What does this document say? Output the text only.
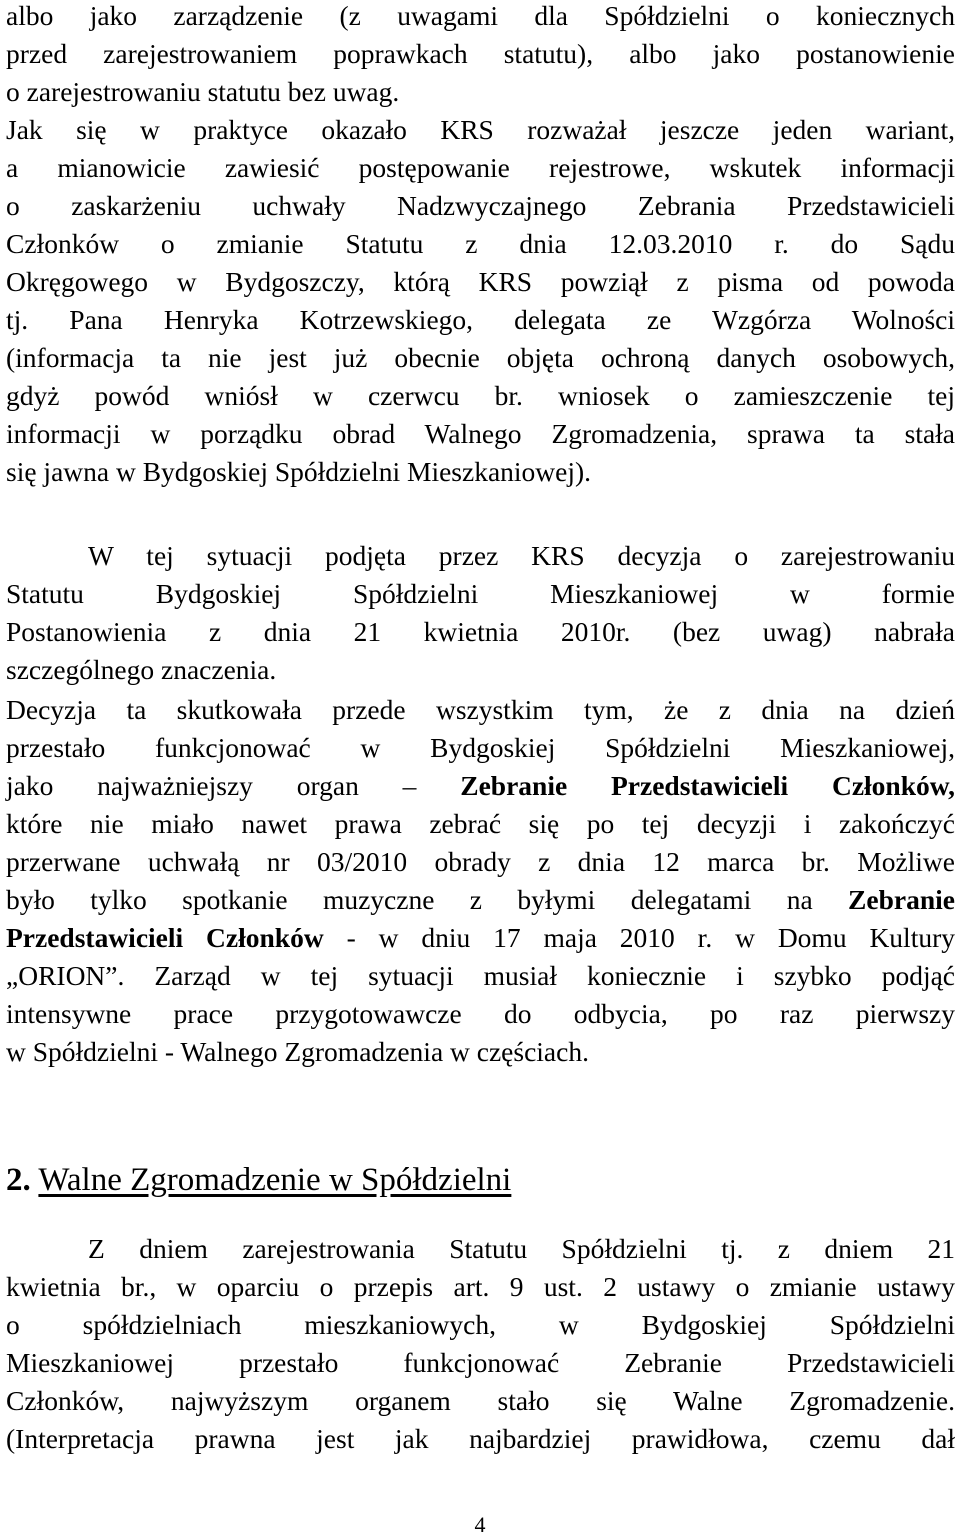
albo jako zarządzenie (z uwagami dla Spółdzielni o koniecznych
przed zarejestrowaniem poprawkach statutu), albo jako postanowienie
o zarejestrowaniu statutu bez uwag.
Jak się w praktyce okazało KRS rozważał jeszcze jeden wariant,
a mianowicie zawiesić postępowanie rejestrowe, wskutek informacji
o zaskarżeniu uchwały Nadzwyczajnego Zebrania Przedstawicieli
Członków o zmianie Statutu z dnia 12.03.2010 r. do Sądu
Okręgowego w Bydgoszczy, którą KRS powziął z pisma od powoda
tj. Pana Henryka Kotrzewskiego, delegata ze Wzgórza Wolności
(informacja ta nie jest już obecnie objęta ochroną danych osobowych,
gdyż powód wniósł w czerwcu br. wniosek o zamieszczenie tej
informacji w porządku obrad Walnego Zgromadzenia, sprawa ta stała
się jawna w Bydgoskiej Spółdzielni Mieszkaniowej).
W tej sytuacji podjęta przez KRS decyzja o zarejestrowaniu
Statutu Bydgoskiej Spółdzielni Mieszkaniowej w formie
Postanowienia z dnia 21 kwietnia 2010r. (bez uwag) nabrała
szczególnego znaczenia.
Decyzja ta skutkowała przede wszystkim tym, że z dnia na dzień
przestało funkcjonować w Bydgoskiej Spółdzielni Mieszkaniowej,
jako najważniejszy organ – Zebranie Przedstawicieli Członków,
które nie miało nawet prawa zebrać się po tej decyzji i zakończyć
przerwane uchwałą nr 03/2010 obrady z dnia 12 marca br. Możliwe
było tylko spotkanie muzyczne z byłymi delegatami na Zebranie
Przedstawicieli Członków - w dniu 17 maja 2010 r. w Domu Kultury
„ORION”. Zarząd w tej sytuacji musiał koniecznie i szybko podjąć
intensywne prace przygotowawcze do odbycia, po raz pierwszy
w Spółdzielni - Walnego Zgromadzenia w częściach.
2. Walne Zgromadzenie w Spółdzielni
Z dniem zarejestrowania Statutu Spółdzielni tj. z dniem 21
kwietnia br., w oparciu o przepis art. 9 ust. 2 ustawy o zmianie ustawy
o spółdzielniach mieszkaniowych, w Bydgoskiej Spółdzielni
Mieszkaniowej przestało funkcjonować Zebranie Przedstawicieli
Członków, najwyższym organem stało się Walne Zgromadzenie.
(Interpretacja prawna jest jak najbardziej prawidłowa, czemu dał
4
